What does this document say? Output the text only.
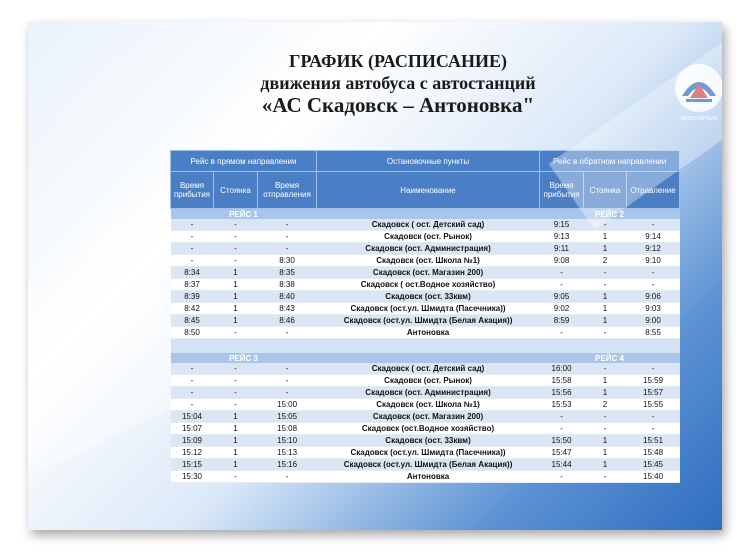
ГРАФИК (РАСПИСАНИЕ)
движения автобуса с автостанций
«АС Скадовск – Антоновка"
АВТОСТАНЦИЯ
Рейс в прямом направлении			Остановочные пункты	Рейс в обратном направлении		
Время прибытия	Стоянка	Время отправления	Наименование	Время прибытия	Стоянка	Отравление
РЕЙС 1				РЕЙС 2		
-	-	-	Скадовск ( ост. Детский сад)	9:15	-	-
-	-	-	Скадовск (ост. Рынок)	9:13	1	9:14
-	-	-	Скадовск (ост. Администрация)	9:11	1	9:12
-	-	8:30	Скадовск (ост. Школа №1)	9:08	2	9:10
8:34	1	8:35	Скадовск (ост. Магазин 200)	-	-	-
8:37	1	8:38	Скадовск ( ост.Водное хозяйство)	-	-	-
8:39	1	8:40	Скадовск (ост. 33квм)	9:05	1	9:06
8:42	1	8:43	Скадовск (ост.ул. Шмидта (Пасечника))	9:02	1	9:03
8:45	1	8:46	Скадовск (ост.ул. Шмидта (Белая Акация))	8:59	1	9:00
8:50	-	-	Антоновка	-	-	8:55

РЕЙС 3				РЕЙС 4		
-	-	-	Скадовск ( ост. Детский сад)	16:00	-	-
-	-	-	Скадовск (ост. Рынок)	15:58	1	15:59
-	-	-	Скадовск (ост. Администрация)	15:56	1	15:57
-	-	15:00	Скадовск (ост. Школа №1)	15:53	2	15:55
15:04	1	15:05	Скадовск (ост. Магазин 200)	-	-	-
15:07	1	15:08	Скадовск (ост.Водное хозяйство)	-	-	-
15:09	1	15:10	Скадовск (ост. 33квм)	15:50	1	15:51
15:12	1	15:13	Скадовск (ост.ул. Шмидта (Пасечника))	15:47	1	15:48
15:15	1	15:16	Скадовск (ост.ул. Шмидта (Белая Акация))	15:44	1	15:45
15:30	-	-	Антоновка	-	-	15:40
